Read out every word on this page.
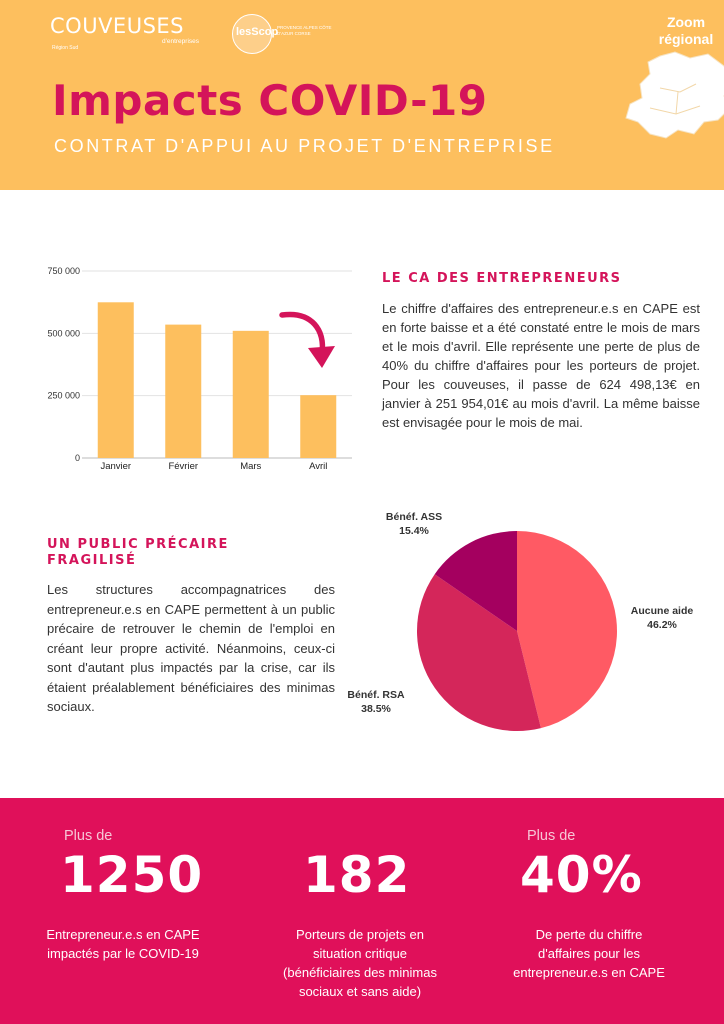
COUVEUSES
d'entreprises
Région Sud
lesScop
PROVENCE ALPES CÔTE D'AZUR CORSE
Impacts COVID-19
CONTRAT D'APPUI AU PROJET D'ENTREPRISE
Zoom
régional
0
250 000
500 000
750 000
Janvier	Février	Mars	Avril
LE CA DES ENTREPRENEURS
Le chiffre d'affaires des entrepreneur.e.s en CAPE est en forte baisse et a été constaté entre le mois de mars et le mois d'avril. Elle représente une perte de plus de 40% du chiffre d'affaires pour les porteurs de projet. Pour les couveuses, il passe de 624 498,13€ en janvier à 251 954,01€ au mois d'avril. La même baisse est envisagée pour le mois de mai.
UN PUBLIC PRÉCAIRE FRAGILISÉ
Les structures accompagnatrices des entrepreneur.e.s en CAPE permettent à un public précaire de retrouver le chemin de l'emploi en créant leur propre activité. Néanmoins, ceux-ci sont d'autant plus impactés par la crise, car ils étaient préalablement bénéficiaires des minimas sociaux.
Aucune aide
46.2%
Bénéf. RSA
38.5%
Bénéf. ASS
15.4%
Plus de
1250
Entrepreneur.e.s en CAPE
impactés par le COVID-19
182
Porteurs de projets en
situation critique
(bénéficiaires des minimas
sociaux et sans aide)
Plus de
40%
De perte du chiffre
d'affaires pour les
entrepreneur.e.s en CAPE
